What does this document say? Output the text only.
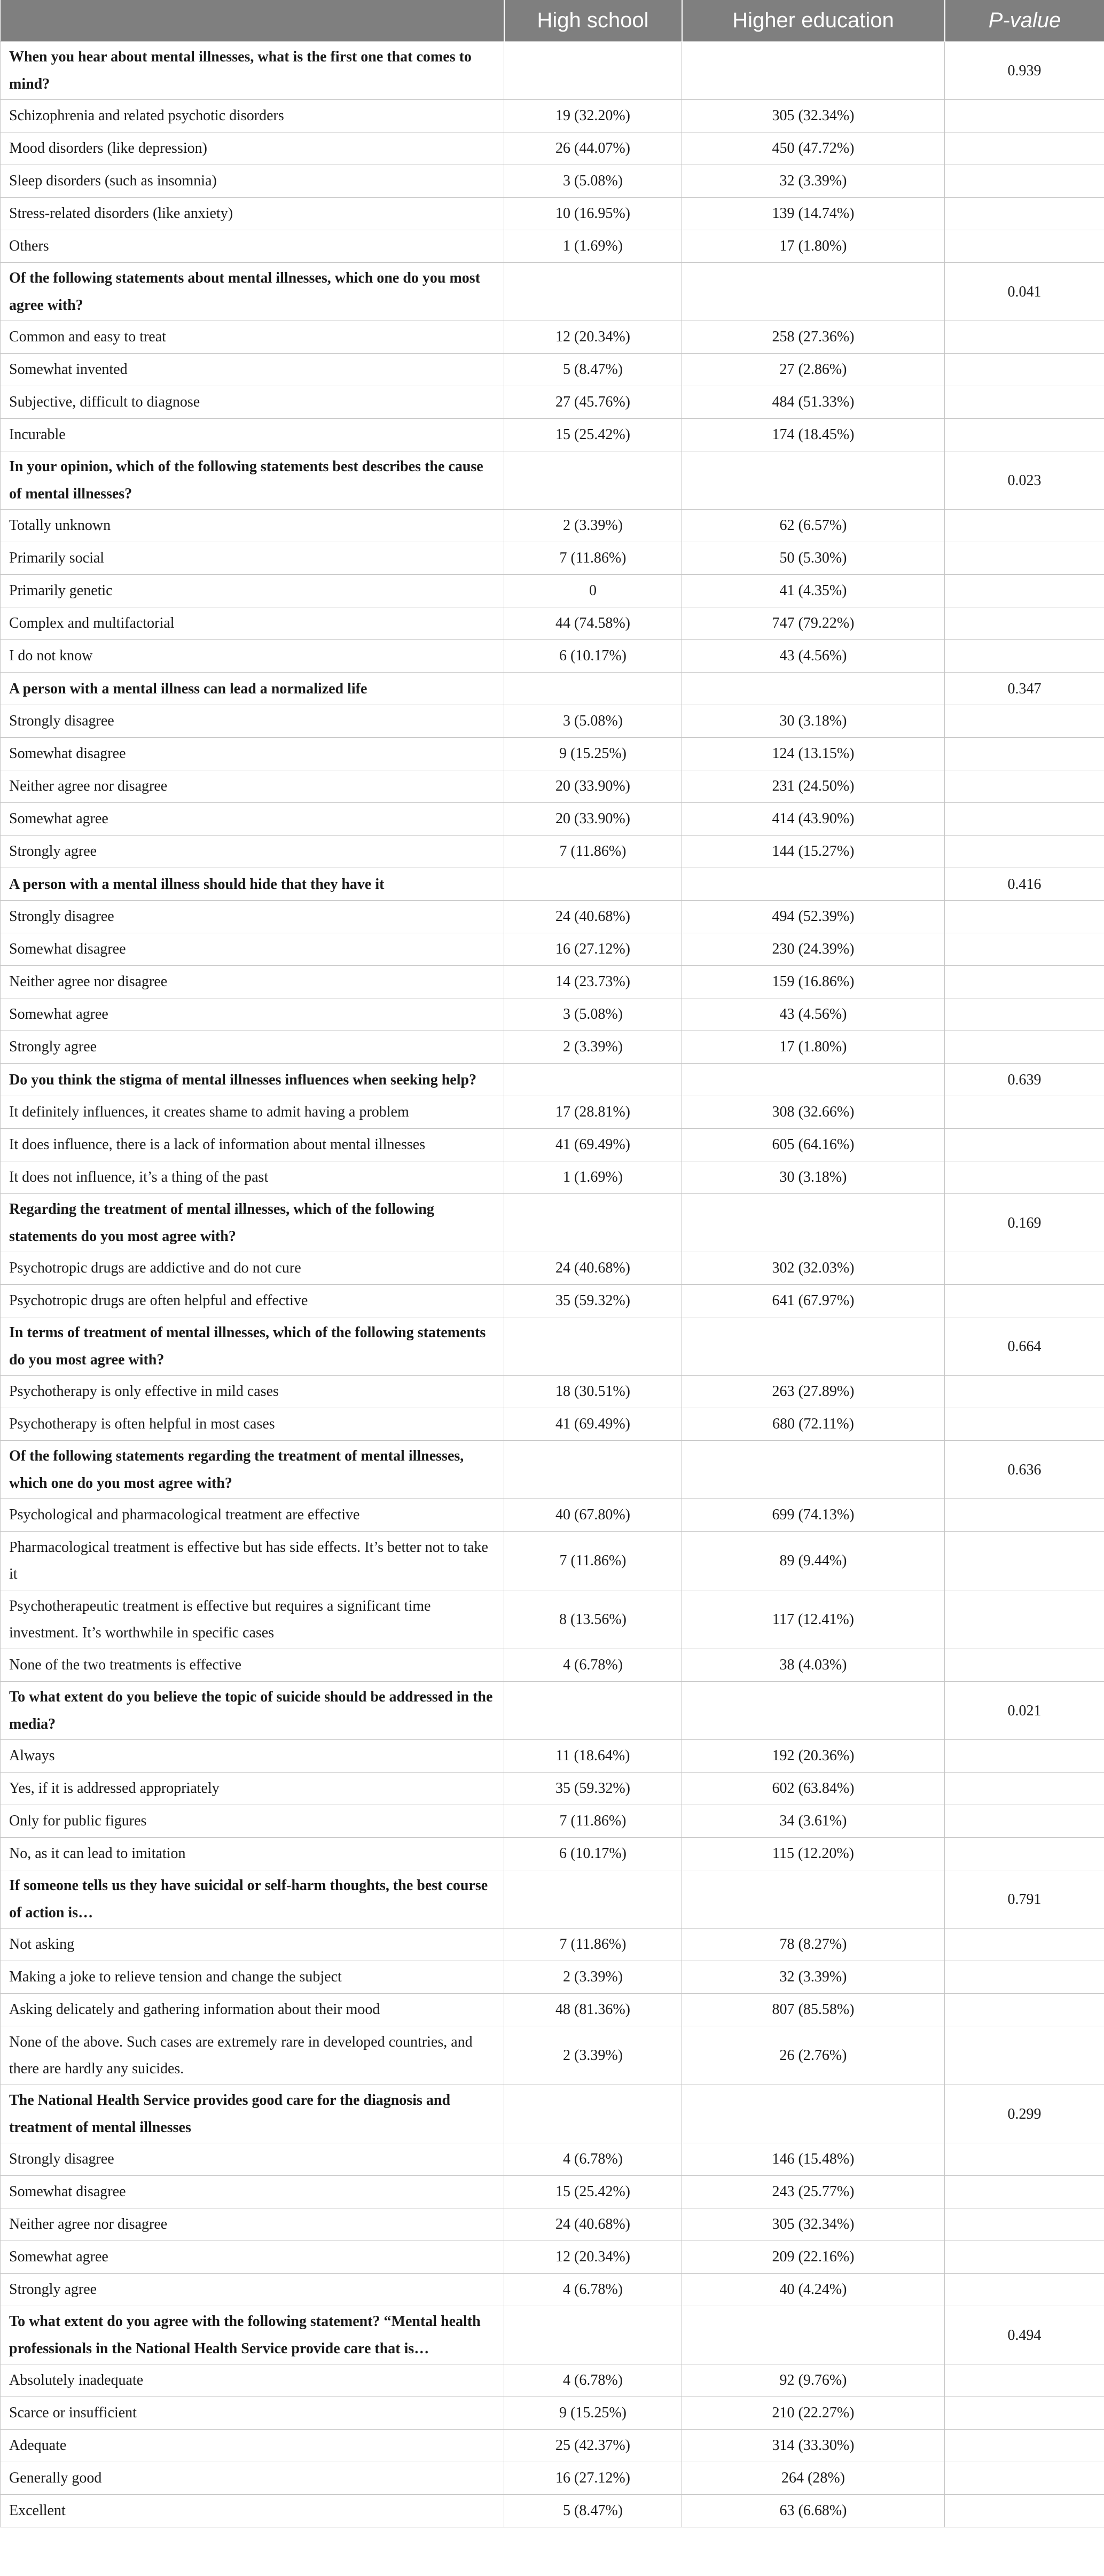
	High school	Higher education	P-value
When you hear about mental illnesses, what is the first one that comes to mind?			0.939
Schizophrenia and related psychotic disorders	19 (32.20%)	305 (32.34%)	
Mood disorders (like depression)	26 (44.07%)	450 (47.72%)	
Sleep disorders (such as insomnia)	3 (5.08%)	32 (3.39%)	
Stress-related disorders (like anxiety)	10 (16.95%)	139 (14.74%)	
Others	1 (1.69%)	17 (1.80%)	
Of the following statements about mental illnesses, which one do you most agree with?			0.041
Common and easy to treat	12 (20.34%)	258 (27.36%)	
Somewhat invented	5 (8.47%)	27 (2.86%)	
Subjective, difficult to diagnose	27 (45.76%)	484 (51.33%)	
Incurable	15 (25.42%)	174 (18.45%)	
In your opinion, which of the following statements best describes the cause of mental illnesses?			0.023
Totally unknown	2 (3.39%)	62 (6.57%)	
Primarily social	7 (11.86%)	50 (5.30%)	
Primarily genetic	0	41 (4.35%)	
Complex and multifactorial	44 (74.58%)	747 (79.22%)	
I do not know	6 (10.17%)	43 (4.56%)	
A person with a mental illness can lead a normalized life			0.347
Strongly disagree	3 (5.08%)	30 (3.18%)	
Somewhat disagree	9 (15.25%)	124 (13.15%)	
Neither agree nor disagree	20 (33.90%)	231 (24.50%)	
Somewhat agree	20 (33.90%)	414 (43.90%)	
Strongly agree	7 (11.86%)	144 (15.27%)	
A person with a mental illness should hide that they have it			0.416
Strongly disagree	24 (40.68%)	494 (52.39%)	
Somewhat disagree	16 (27.12%)	230 (24.39%)	
Neither agree nor disagree	14 (23.73%)	159 (16.86%)	
Somewhat agree	3 (5.08%)	43 (4.56%)	
Strongly agree	2 (3.39%)	17 (1.80%)	
Do you think the stigma of mental illnesses influences when seeking help?			0.639
It definitely influences, it creates shame to admit having a problem	17 (28.81%)	308 (32.66%)	
It does influence, there is a lack of information about mental illnesses	41 (69.49%)	605 (64.16%)	
It does not influence, it’s a thing of the past	1 (1.69%)	30 (3.18%)	
Regarding the treatment of mental illnesses, which of the following statements do you most agree with?			0.169
Psychotropic drugs are addictive and do not cure	24 (40.68%)	302 (32.03%)	
Psychotropic drugs are often helpful and effective	35 (59.32%)	641 (67.97%)	
In terms of treatment of mental illnesses, which of the following statements do you most agree with?			0.664
Psychotherapy is only effective in mild cases	18 (30.51%)	263 (27.89%)	
Psychotherapy is often helpful in most cases	41 (69.49%)	680 (72.11%)	
Of the following statements regarding the treatment of mental illnesses, which one do you most agree with?			0.636
Psychological and pharmacological treatment are effective	40 (67.80%)	699 (74.13%)	
Pharmacological treatment is effective but has side effects. It’s better not to take it	7 (11.86%)	89 (9.44%)	
Psychotherapeutic treatment is effective but requires a significant time investment. It’s worthwhile in specific cases	8 (13.56%)	117 (12.41%)	
None of the two treatments is effective	4 (6.78%)	38 (4.03%)	
To what extent do you believe the topic of suicide should be addressed in the media?			0.021
Always	11 (18.64%)	192 (20.36%)	
Yes, if it is addressed appropriately	35 (59.32%)	602 (63.84%)	
Only for public figures	7 (11.86%)	34 (3.61%)	
No, as it can lead to imitation	6 (10.17%)	115 (12.20%)	
If someone tells us they have suicidal or self-harm thoughts, the best course of action is…			0.791
Not asking	7 (11.86%)	78 (8.27%)	
Making a joke to relieve tension and change the subject	2 (3.39%)	32 (3.39%)	
Asking delicately and gathering information about their mood	48 (81.36%)	807 (85.58%)	
None of the above. Such cases are extremely rare in developed countries, and there are hardly any suicides.	2 (3.39%)	26 (2.76%)	
The National Health Service provides good care for the diagnosis and treatment of mental illnesses			0.299
Strongly disagree	4 (6.78%)	146 (15.48%)	
Somewhat disagree	15 (25.42%)	243 (25.77%)	
Neither agree nor disagree	24 (40.68%)	305 (32.34%)	
Somewhat agree	12 (20.34%)	209 (22.16%)	
Strongly agree	4 (6.78%)	40 (4.24%)	
To what extent do you agree with the following statement? “Mental health professionals in the National Health Service provide care that is…			0.494
Absolutely inadequate	4 (6.78%)	92 (9.76%)	
Scarce or insufficient	9 (15.25%)	210 (22.27%)	
Adequate	25 (42.37%)	314 (33.30%)	
Generally good	16 (27.12%)	264 (28%)	
Excellent	5 (8.47%)	63 (6.68%)	
